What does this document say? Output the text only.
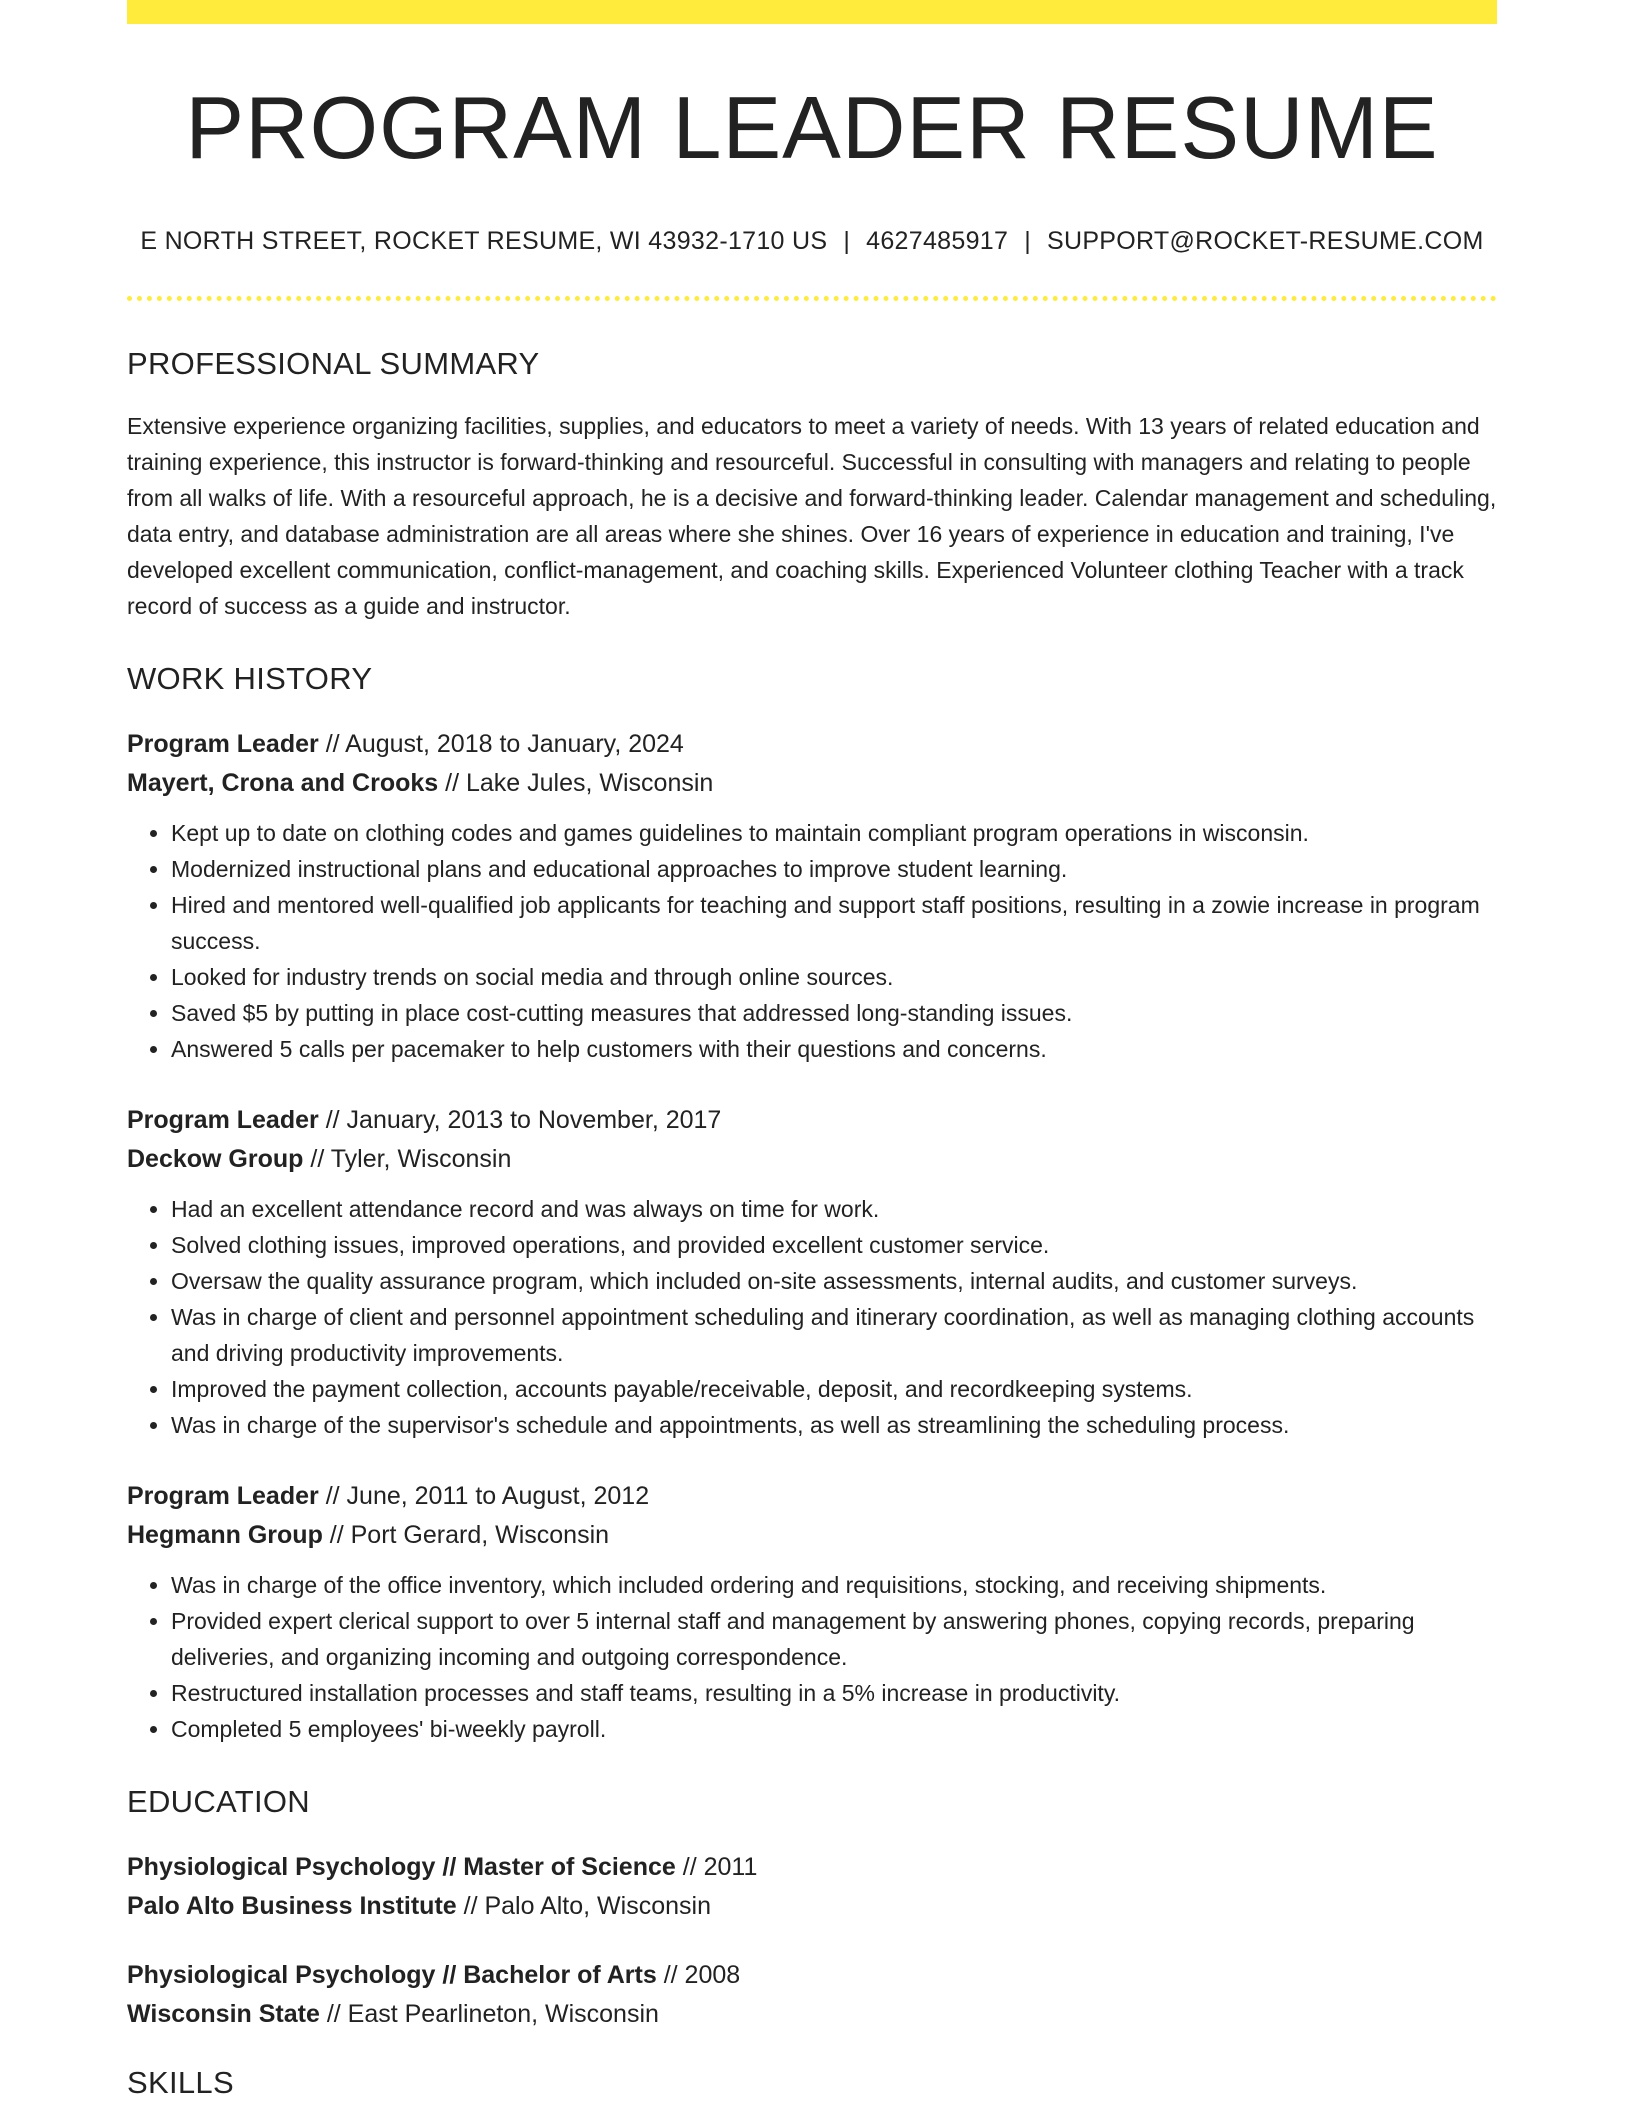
PROGRAM LEADER RESUME
E NORTH STREET, ROCKET RESUME, WI 43932-1710 US | 4627485917 | SUPPORT@ROCKET-RESUME.COM
PROFESSIONAL SUMMARY

Extensive experience organizing facilities, supplies, and educators to meet a variety of needs. With 13 years of related education and training experience, this instructor is forward-thinking and resourceful. Successful in consulting with managers and relating to people from all walks of life. With a resourceful approach, he is a decisive and forward-thinking leader. Calendar management and scheduling, data entry, and database administration are all areas where she shines. Over 16 years of experience in education and training, I've developed excellent communication, conflict-management, and coaching skills. Experienced Volunteer clothing Teacher with a track record of success as a guide and instructor.

WORK HISTORY
Program Leader // August, 2018 to January, 2024
Mayert, Crona and Crooks // Lake Jules, Wisconsin
• Kept up to date on clothing codes and games guidelines to maintain compliant program operations in wisconsin.
• Modernized instructional plans and educational approaches to improve student learning.
• Hired and mentored well-qualified job applicants for teaching and support staff positions, resulting in a zowie increase in program success.
• Looked for industry trends on social media and through online sources.
• Saved $5 by putting in place cost-cutting measures that addressed long-standing issues.
• Answered 5 calls per pacemaker to help customers with their questions and concerns.
Program Leader // January, 2013 to November, 2017
Deckow Group // Tyler, Wisconsin
• Had an excellent attendance record and was always on time for work.
• Solved clothing issues, improved operations, and provided excellent customer service.
• Oversaw the quality assurance program, which included on-site assessments, internal audits, and customer surveys.
• Was in charge of client and personnel appointment scheduling and itinerary coordination, as well as managing clothing accounts and driving productivity improvements.
• Improved the payment collection, accounts payable/receivable, deposit, and recordkeeping systems.
• Was in charge of the supervisor's schedule and appointments, as well as streamlining the scheduling process.
Program Leader // June, 2011 to August, 2012
Hegmann Group // Port Gerard, Wisconsin
• Was in charge of the office inventory, which included ordering and requisitions, stocking, and receiving shipments.
• Provided expert clerical support to over 5 internal staff and management by answering phones, copying records, preparing deliveries, and organizing incoming and outgoing correspondence.
• Restructured installation processes and staff teams, resulting in a 5% increase in productivity.
• Completed 5 employees' bi-weekly payroll.
EDUCATION
Physiological Psychology // Master of Science // 2011
Palo Alto Business Institute // Palo Alto, Wisconsin
Physiological Psychology // Bachelor of Arts // 2008
Wisconsin State // East Pearlineton, Wisconsin
SKILLS
